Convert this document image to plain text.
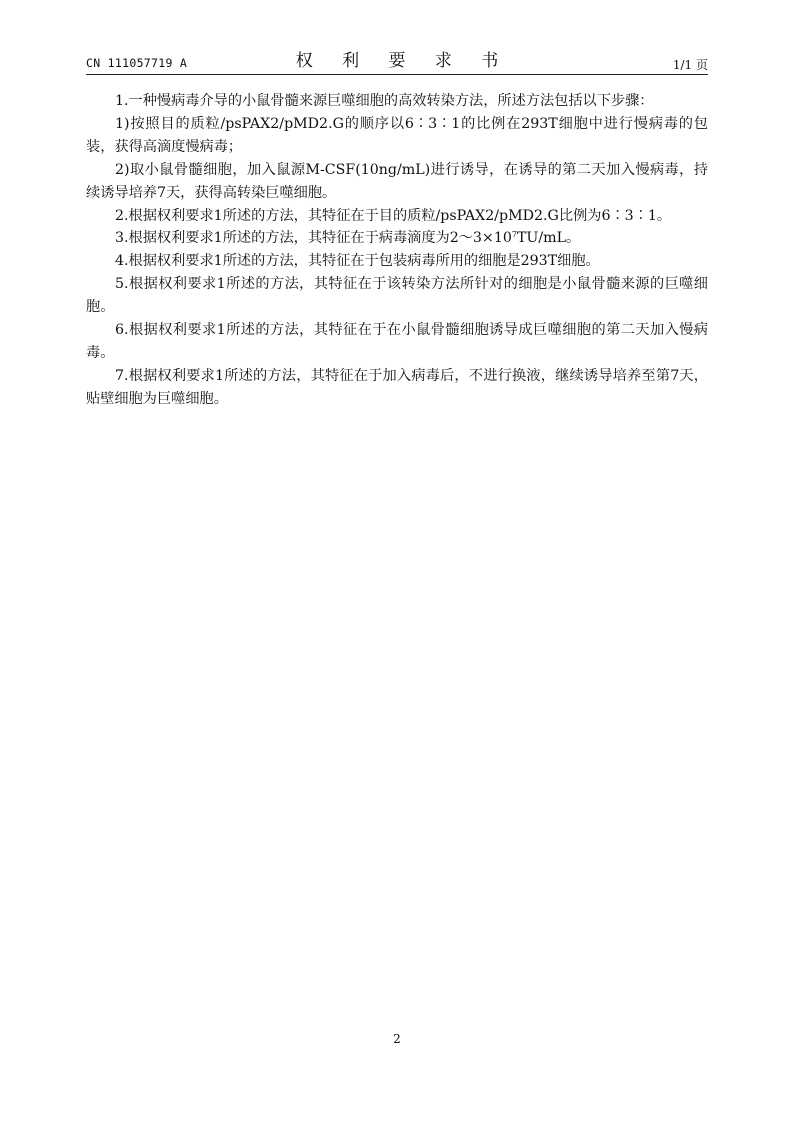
CN 111057719 A	权 利 要 求 书	1/1 页

1.一种慢病毒介导的小鼠骨髓来源巨噬细胞的高效转染方法，所述方法包括以下步骤：

1)按照目的质粒/psPAX2/pMD2.G的顺序以6∶3∶1的比例在293T细胞中进行慢病毒的包装，获得高滴度慢病毒；

2)取小鼠骨髓细胞，加入鼠源M-CSF(10ng/mL)进行诱导，在诱导的第二天加入慢病毒，持续诱导培养7天，获得高转染巨噬细胞。

2.根据权利要求1所述的方法，其特征在于目的质粒/psPAX2/pMD2.G比例为6∶3∶1。

3.根据权利要求1所述的方法，其特征在于病毒滴度为$2\sim 3\times 10^7TU/mL$。

4.根据权利要求1所述的方法，其特征在于包装病毒所用的细胞是293T细胞。

5.根据权利要求1所述的方法，其特征在于该转染方法所针对的细胞是小鼠骨髓来源的巨噬细胞。

6.根据权利要求1所述的方法，其特征在于在小鼠骨髓细胞诱导成巨噬细胞的第二天加入慢病毒。

7.根据权利要求1所述的方法，其特征在于加入病毒后，不进行换液，继续诱导培养至第7天，贴壁细胞为巨噬细胞。

2
